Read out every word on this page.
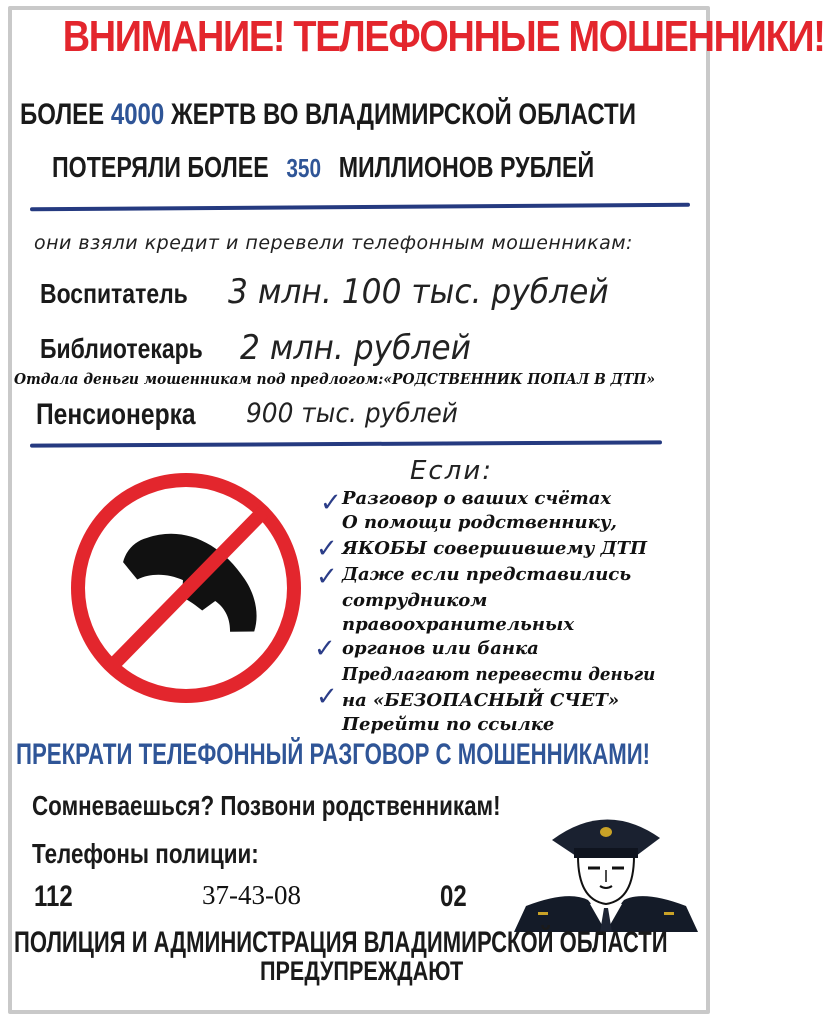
ВНИМАНИЕ! ТЕЛЕФОННЫЕ МОШЕННИКИ!
БОЛЕЕ 4000 ЖЕРТВ ВО ВЛАДИМИРСКОЙ ОБЛАСТИ
ПОТЕРЯЛИ БОЛЕЕ 350 МИЛЛИОНОВ РУБЛЕЙ
они взяли кредит и перевели телефонным мошенникам:
Воспитатель 3 млн. 100 тыс. рублей
Библиотекарь 2 млн. рублей
Отдала деньги мошенникам под предлогом:«РОДСТВЕННИК ПОПАЛ В ДТП»
Пенсионерка 900 тыс. рублей
Если:
✓
✓
✓
✓
✓
Разговор о ваших счётах
О помощи родственнику,
ЯКОБЫ совершившему ДТП
Даже если представились
сотрудником
правоохранительных
органов или банка
Предлагают перевести деньги
на «БЕЗОПАСНЫЙ СЧЕТ»
Перейти по ссылке
ПРЕКРАТИ ТЕЛЕФОННЫЙ РАЗГОВОР С МОШЕННИКАМИ!
Сомневаешься? Позвони родственникам!
Телефоны полиции:
112	37-43-08	02
ПОЛИЦИЯ И АДМИНИСТРАЦИЯ ВЛАДИМИРСКОЙ ОБЛАСТИ
ПРЕДУПРЕЖДАЮТ
